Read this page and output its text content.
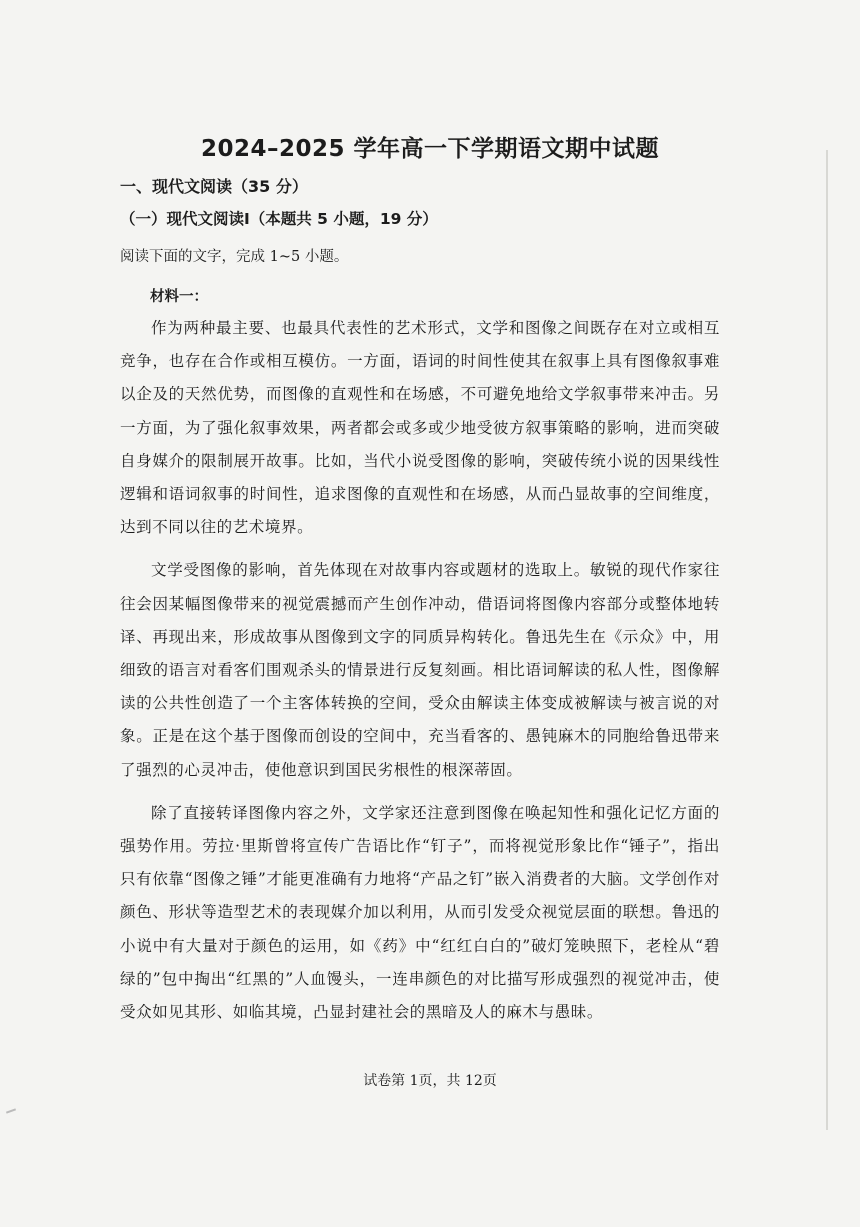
2024–2025 学年高一下学期语文期中试题
一、现代文阅读（35 分）
（一）现代文阅读Ⅰ（本题共 5 小题，19 分）
阅读下面的文字，完成 1~5 小题。
材料一：

作为两种最主要、也最具代表性的艺术形式，文学和图像之间既存在对立或相互竞争，也存在合作或相互模仿。一方面，语词的时间性使其在叙事上具有图像叙事难以企及的天然优势，而图像的直观性和在场感，不可避免地给文学叙事带来冲击。另一方面，为了强化叙事效果，两者都会或多或少地受彼方叙事策略的影响，进而突破自身媒介的限制展开故事。比如，当代小说受图像的影响，突破传统小说的因果线性逻辑和语词叙事的时间性，追求图像的直观性和在场感，从而凸显故事的空间维度，达到不同以往的艺术境界。

文学受图像的影响，首先体现在对故事内容或题材的选取上。敏锐的现代作家往往会因某幅图像带来的视觉震撼而产生创作冲动，借语词将图像内容部分或整体地转译、再现出来，形成故事从图像到文字的同质异构转化。鲁迅先生在《示众》中，用细致的语言对看客们围观杀头的情景进行反复刻画。相比语词解读的私人性，图像解读的公共性创造了一个主客体转换的空间，受众由解读主体变成被解读与被言说的对象。正是在这个基于图像而创设的空间中，充当看客的、愚钝麻木的同胞给鲁迅带来了强烈的心灵冲击，使他意识到国民劣根性的根深蒂固。

除了直接转译图像内容之外，文学家还注意到图像在唤起知性和强化记忆方面的强势作用。劳拉·里斯曾将宣传广告语比作“钉子”，而将视觉形象比作“锤子”，指出只有依靠“图像之锤”才能更准确有力地将“产品之钉”嵌入消费者的大脑。文学创作对颜色、形状等造型艺术的表现媒介加以利用，从而引发受众视觉层面的联想。鲁迅的小说中有大量对于颜色的运用，如《药》中“红红白白的”破灯笼映照下，老栓从“碧绿的”包中掏出“红黑的”人血馒头，一连串颜色的对比描写形成强烈的视觉冲击，使受众如见其形、如临其境，凸显封建社会的黑暗及人的麻木与愚昧。

试卷第 1页，共 12页
